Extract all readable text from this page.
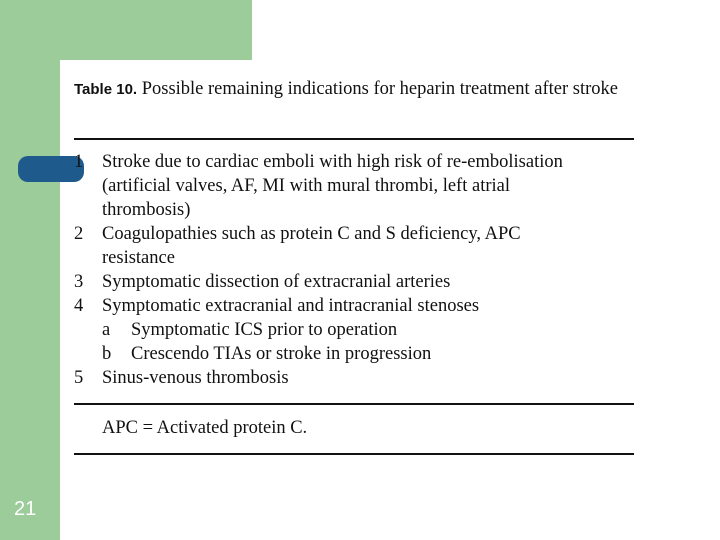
21
Table 10. Possible remaining indications for heparin treatment after stroke
1 Stroke due to cardiac emboli with high risk of re-embolisation
(artificial valves, AF, MI with mural thrombi, left atrial
thrombosis)
2 Coagulopathies such as protein C and S deficiency, APC
resistance
3 Symptomatic dissection of extracranial arteries
4 Symptomatic extracranial and intracranial stenoses
a Symptomatic ICS prior to operation
b Crescendo TIAs or stroke in progression
5 Sinus-venous thrombosis
APC = Activated protein C.
